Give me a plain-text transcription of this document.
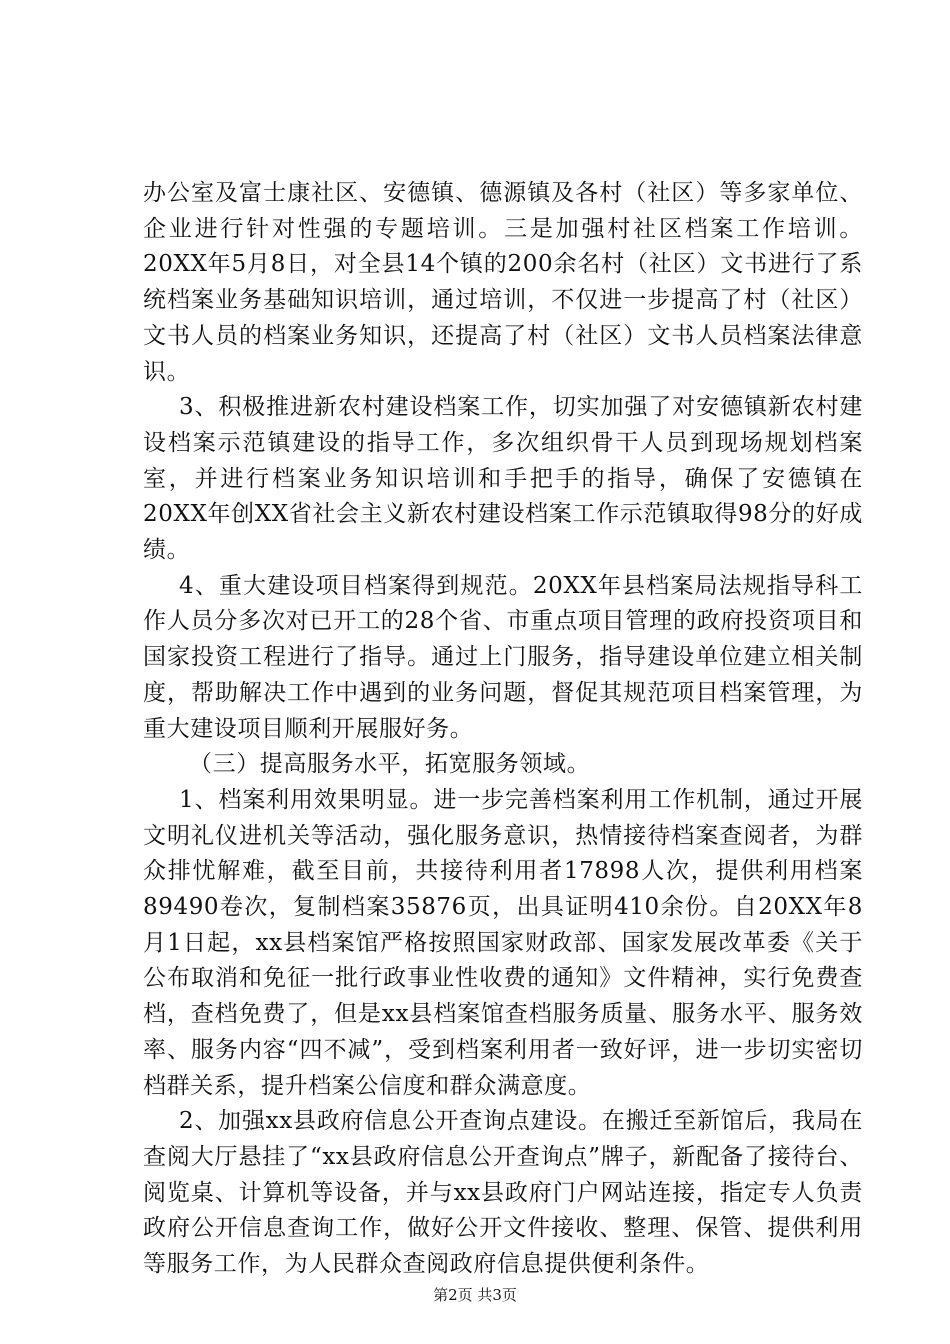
办公室及富士康社区、安德镇、德源镇及各村（社区）等多家单位、企业进行针对性强的专题培训。三是加强村社区档案工作培训。20XX年5月8日，对全县14个镇的200余名村（社区）文书进行了系统档案业务基础知识培训，通过培训，不仅进一步提高了村（社区）文书人员的档案业务知识，还提高了村（社区）文书人员档案法律意识。

3、积极推进新农村建设档案工作，切实加强了对安德镇新农村建设档案示范镇建设的指导工作，多次组织骨干人员到现场规划档案室，并进行档案业务知识培训和手把手的指导，确保了安德镇在20XX年创XX省社会主义新农村建设档案工作示范镇取得98分的好成绩。

4、重大建设项目档案得到规范。20XX年县档案局法规指导科工作人员分多次对已开工的28个省、市重点项目管理的政府投资项目和国家投资工程进行了指导。通过上门服务，指导建设单位建立相关制度，帮助解决工作中遇到的业务问题，督促其规范项目档案管理，为重大建设项目顺利开展服好务。

（三）提高服务水平，拓宽服务领域。

1、档案利用效果明显。进一步完善档案利用工作机制，通过开展文明礼仪进机关等活动，强化服务意识，热情接待档案查阅者，为群众排忧解难，截至目前，共接待利用者17898人次，提供利用档案89490卷次，复制档案35876页，出具证明410余份。自20XX年8月1日起，xx县档案馆严格按照国家财政部、国家发展改革委《关于公布取消和免征一批行政事业性收费的通知》文件精神，实行免费查档，查档免费了，但是xx县档案馆查档服务质量、服务水平、服务效率、服务内容“四不减”，受到档案利用者一致好评，进一步切实密切档群关系，提升档案公信度和群众满意度。

2、加强xx县政府信息公开查询点建设。在搬迁至新馆后，我局在查阅大厅悬挂了“xx县政府信息公开查询点”牌子，新配备了接待台、阅览桌、计算机等设备，并与xx县政府门户网站连接，指定专人负责政府公开信息查询工作，做好公开文件接收、整理、保管、提供利用等服务工作，为人民群众查阅政府信息提供便利条件。

第2页 共3页
